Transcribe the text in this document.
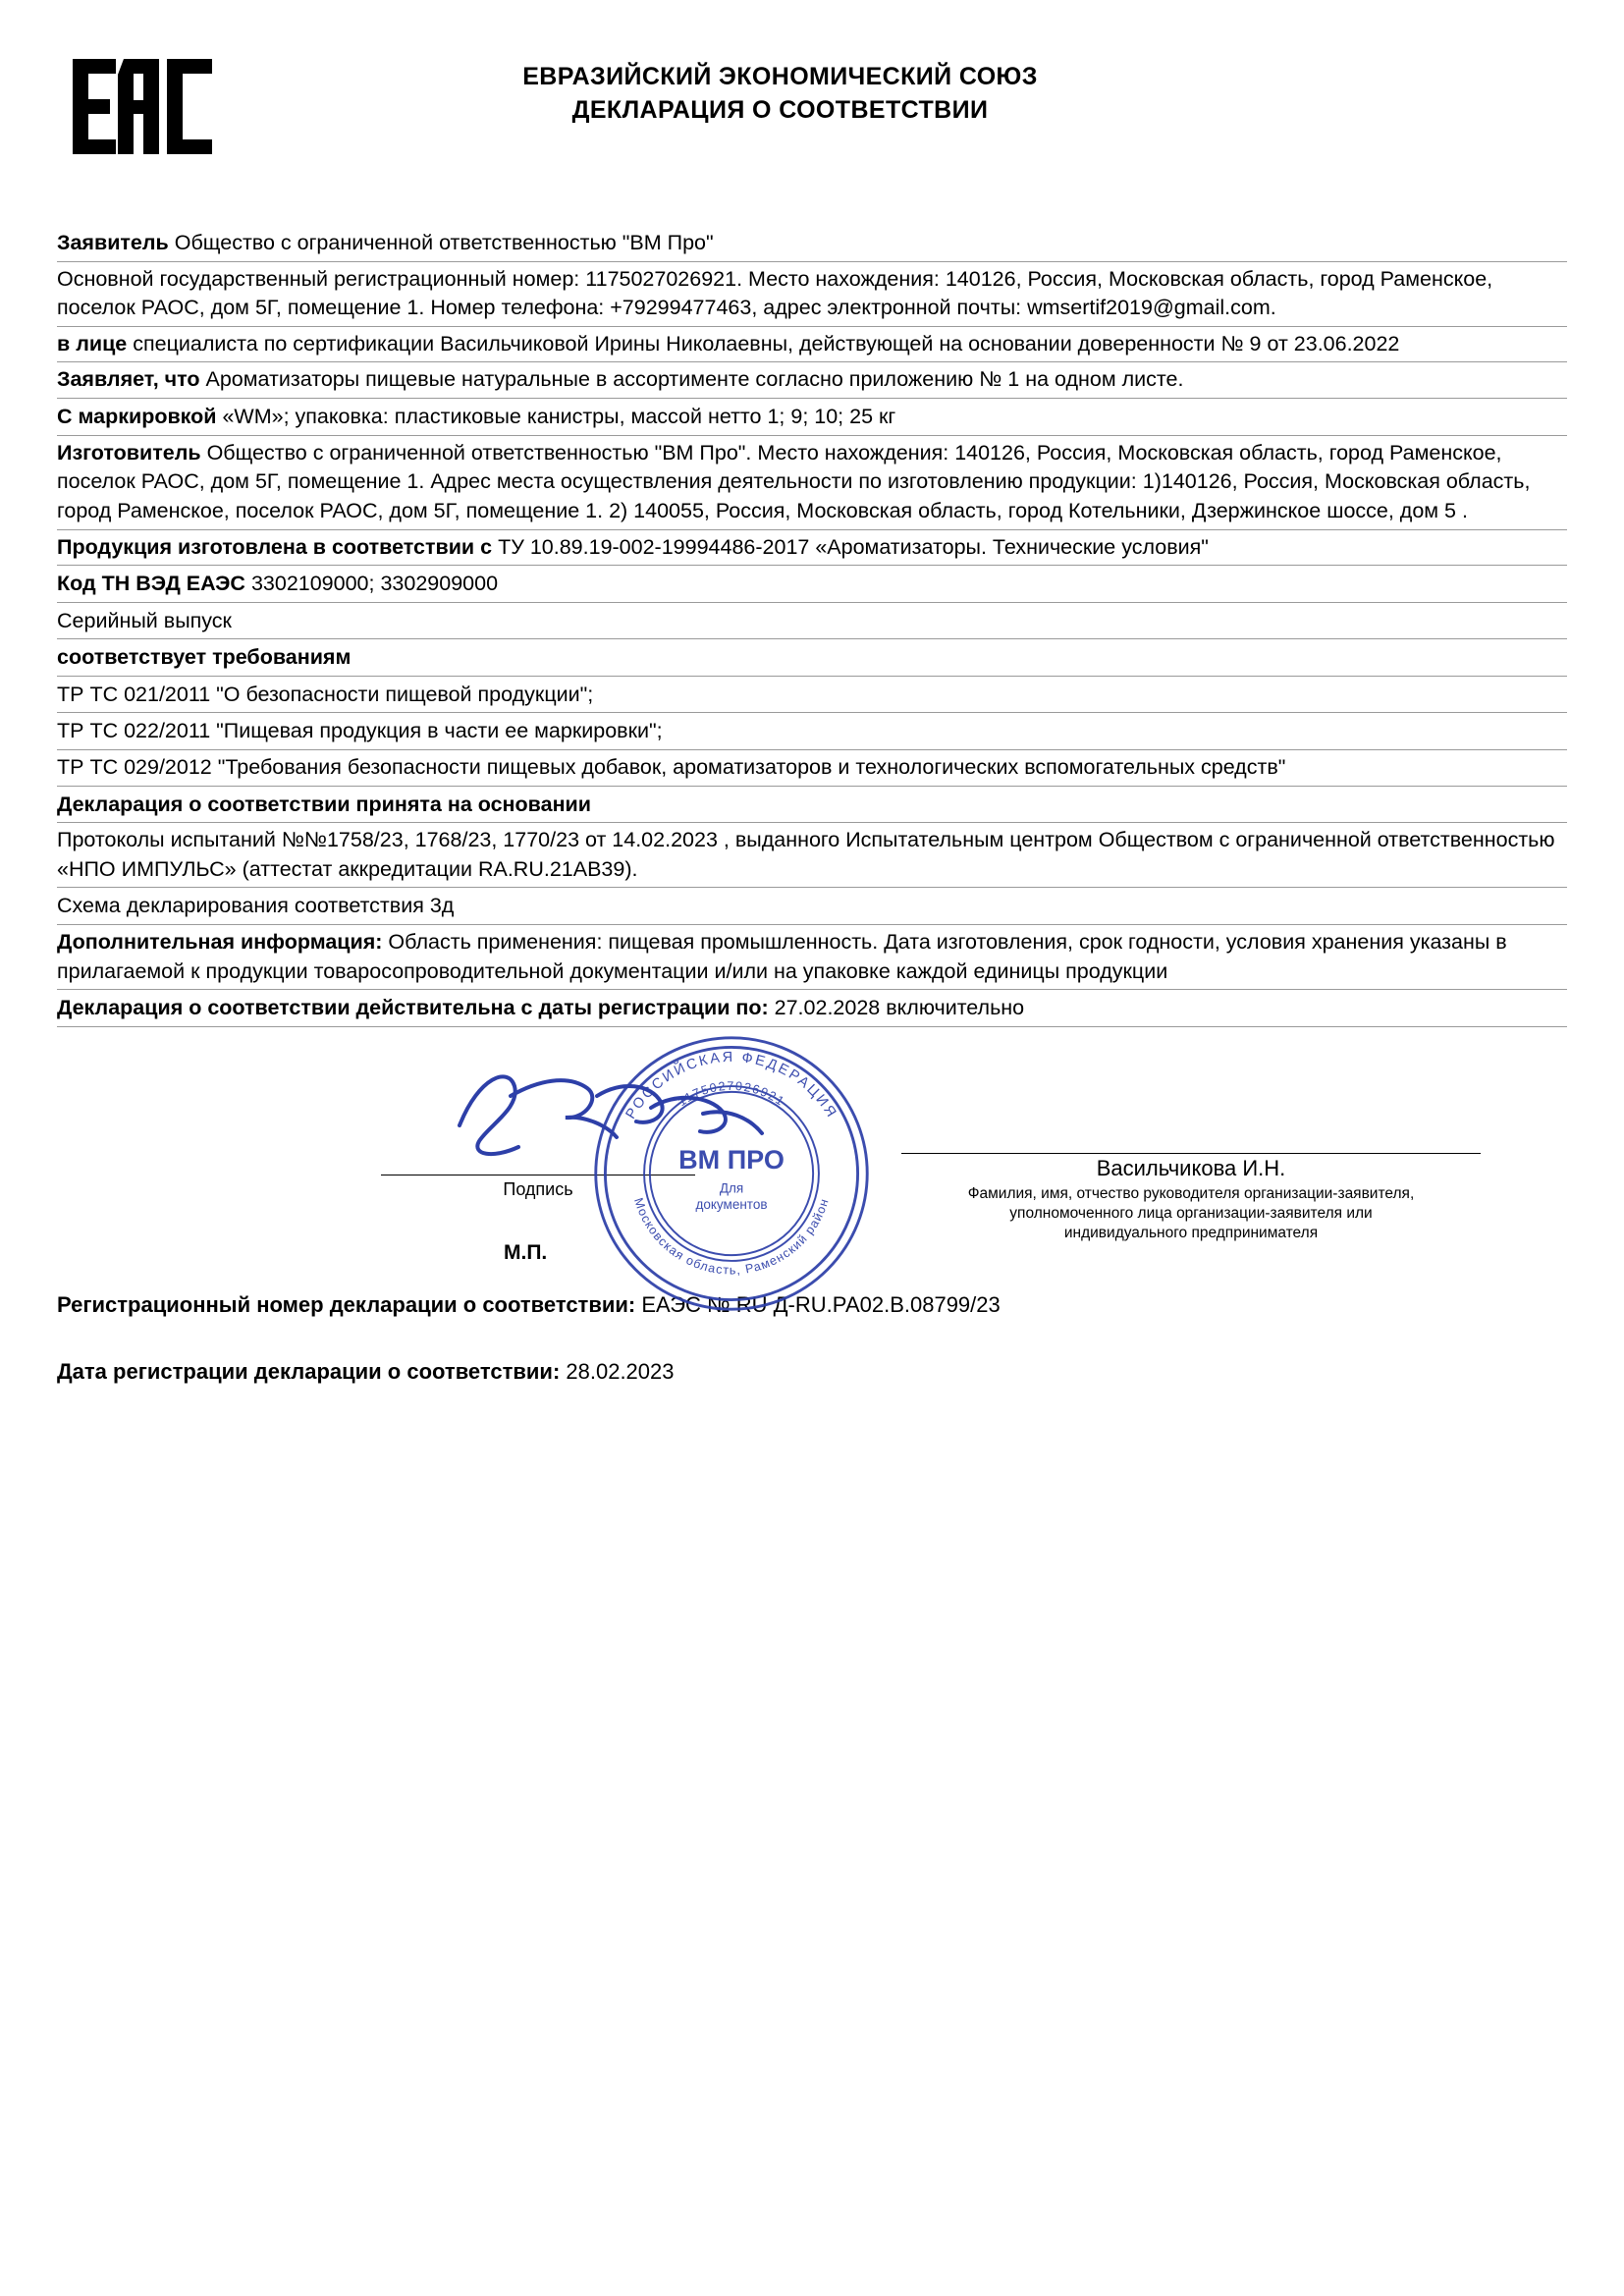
ЕВРАЗИЙСКИЙ ЭКОНОМИЧЕСКИЙ СОЮЗ
ДЕКЛАРАЦИЯ О СООТВЕТСТВИИ
Заявитель Общество с ограниченной ответственностью "ВМ Про"
Основной государственный регистрационный номер: 1175027026921. Место нахождения: 140126, Россия, Московская область, город Раменское, поселок РАОС, дом 5Г, помещение 1. Номер телефона: +79299477463, адрес электронной почты: wmsertif2019@gmail.com.
в лице специалиста по сертификации Васильчиковой Ирины Николаевны, действующей на основании доверенности № 9 от 23.06.2022
Заявляет, что Ароматизаторы пищевые натуральные в ассортименте согласно приложению № 1 на одном листе.
С маркировкой «WM»; упаковка: пластиковые канистры, массой нетто 1; 9; 10; 25 кг
Изготовитель Общество с ограниченной ответственностью "ВМ Про". Место нахождения: 140126, Россия, Московская область, город Раменское, поселок РАОС, дом 5Г, помещение 1. Адрес места осуществления деятельности по изготовлению продукции: 1)140126, Россия, Московская область, город Раменское, поселок РАОС, дом 5Г, помещение 1. 2) 140055, Россия, Московская область, город Котельники, Дзержинское шоссе, дом 5 .
Продукция изготовлена в соответствии с ТУ 10.89.19-002-19994486-2017 «Ароматизаторы. Технические условия"
Код ТН ВЭД ЕАЭС 3302109000; 3302909000
Серийный выпуск
соответствует требованиям
ТР ТС 021/2011 "О безопасности пищевой продукции";
ТР ТС 022/2011 "Пищевая продукция в части ее маркировки";
ТР ТС 029/2012 "Требования безопасности пищевых добавок, ароматизаторов и технологических вспомогательных средств"
Декларация о соответствии принята на основании
Протоколы испытаний №№1758/23, 1768/23, 1770/23 от 14.02.2023 , выданного Испытательным центром Обществом с ограниченной ответственностью «НПО ИМПУЛЬС» (аттестат аккредитации RA.RU.21АВ39).
Схема декларирования соответствия 3д
Дополнительная информация: Область применения: пищевая промышленность. Дата изготовления, срок годности, условия хранения указаны в прилагаемой к продукции товаросопроводительной документации и/или на упаковке каждой единицы продукции
Декларация о соответствии действительна с даты регистрации по: 27.02.2028 включительно
Подпись
М.П.
Васильчикова И.Н.
Фамилия, имя, отчество руководителя организации-заявителя,
уполномоченного лица организации-заявителя или
индивидуального предпринимателя
РОССИЙСКАЯ ФЕДЕРАЦИЯ
1175027026921
Московская область, Раменский район
ВМ ПРО
Для
документов
Регистрационный номер декларации о соответствии: ЕАЭС № RU Д-RU.РА02.В.08799/23
Дата регистрации декларации о соответствии: 28.02.2023
